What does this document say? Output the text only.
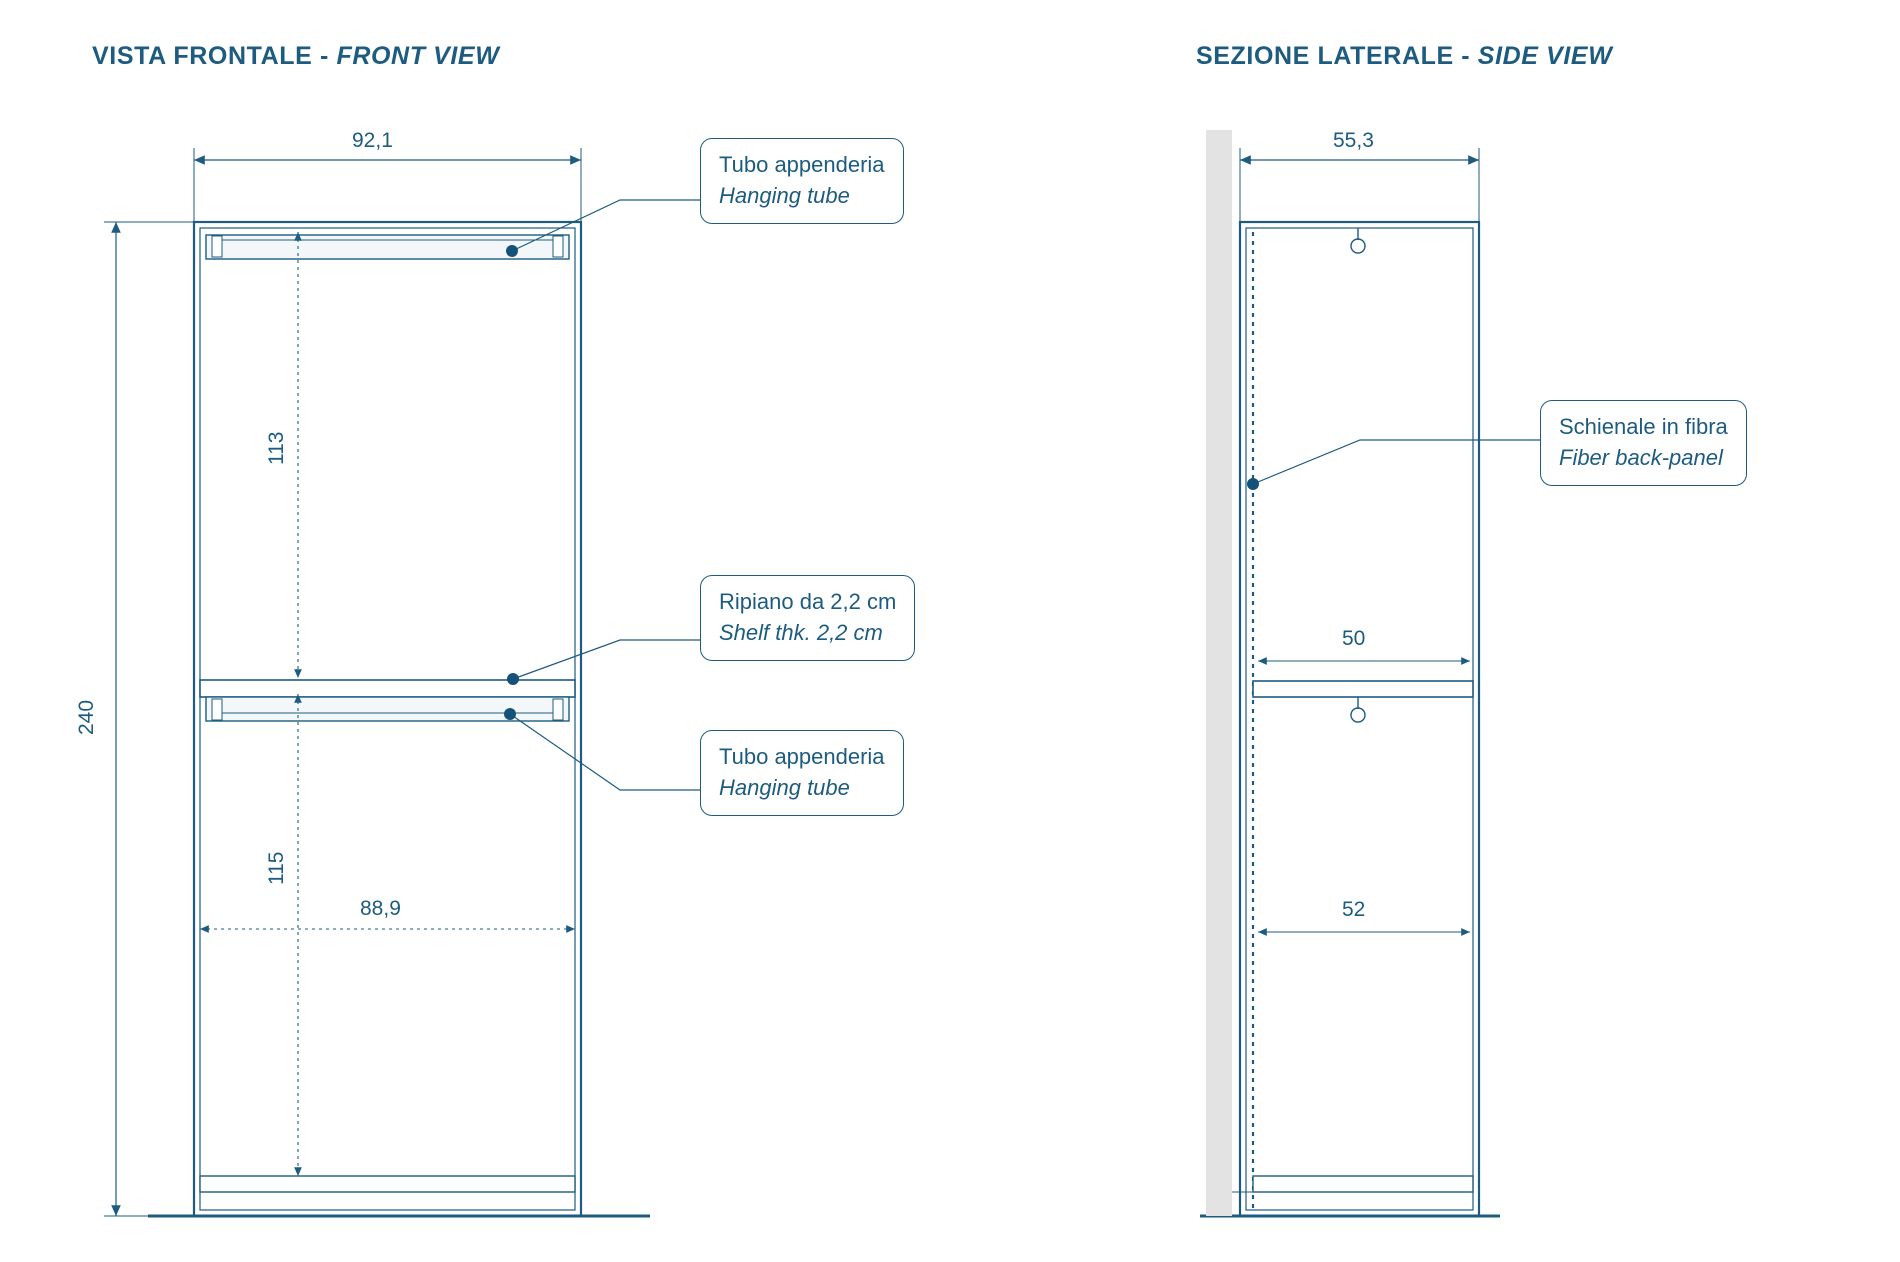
VISTA FRONTALE - FRONT VIEW	SEZIONE LATERALE - SIDE VIEW
92,1
240
113
115
88,9
55,3
50
52
Tubo appenderia
Hanging tube
Ripiano da 2,2 cm
Shelf thk. 2,2 cm
Tubo appenderia
Hanging tube
Schienale in fibra
Fiber back-panel
